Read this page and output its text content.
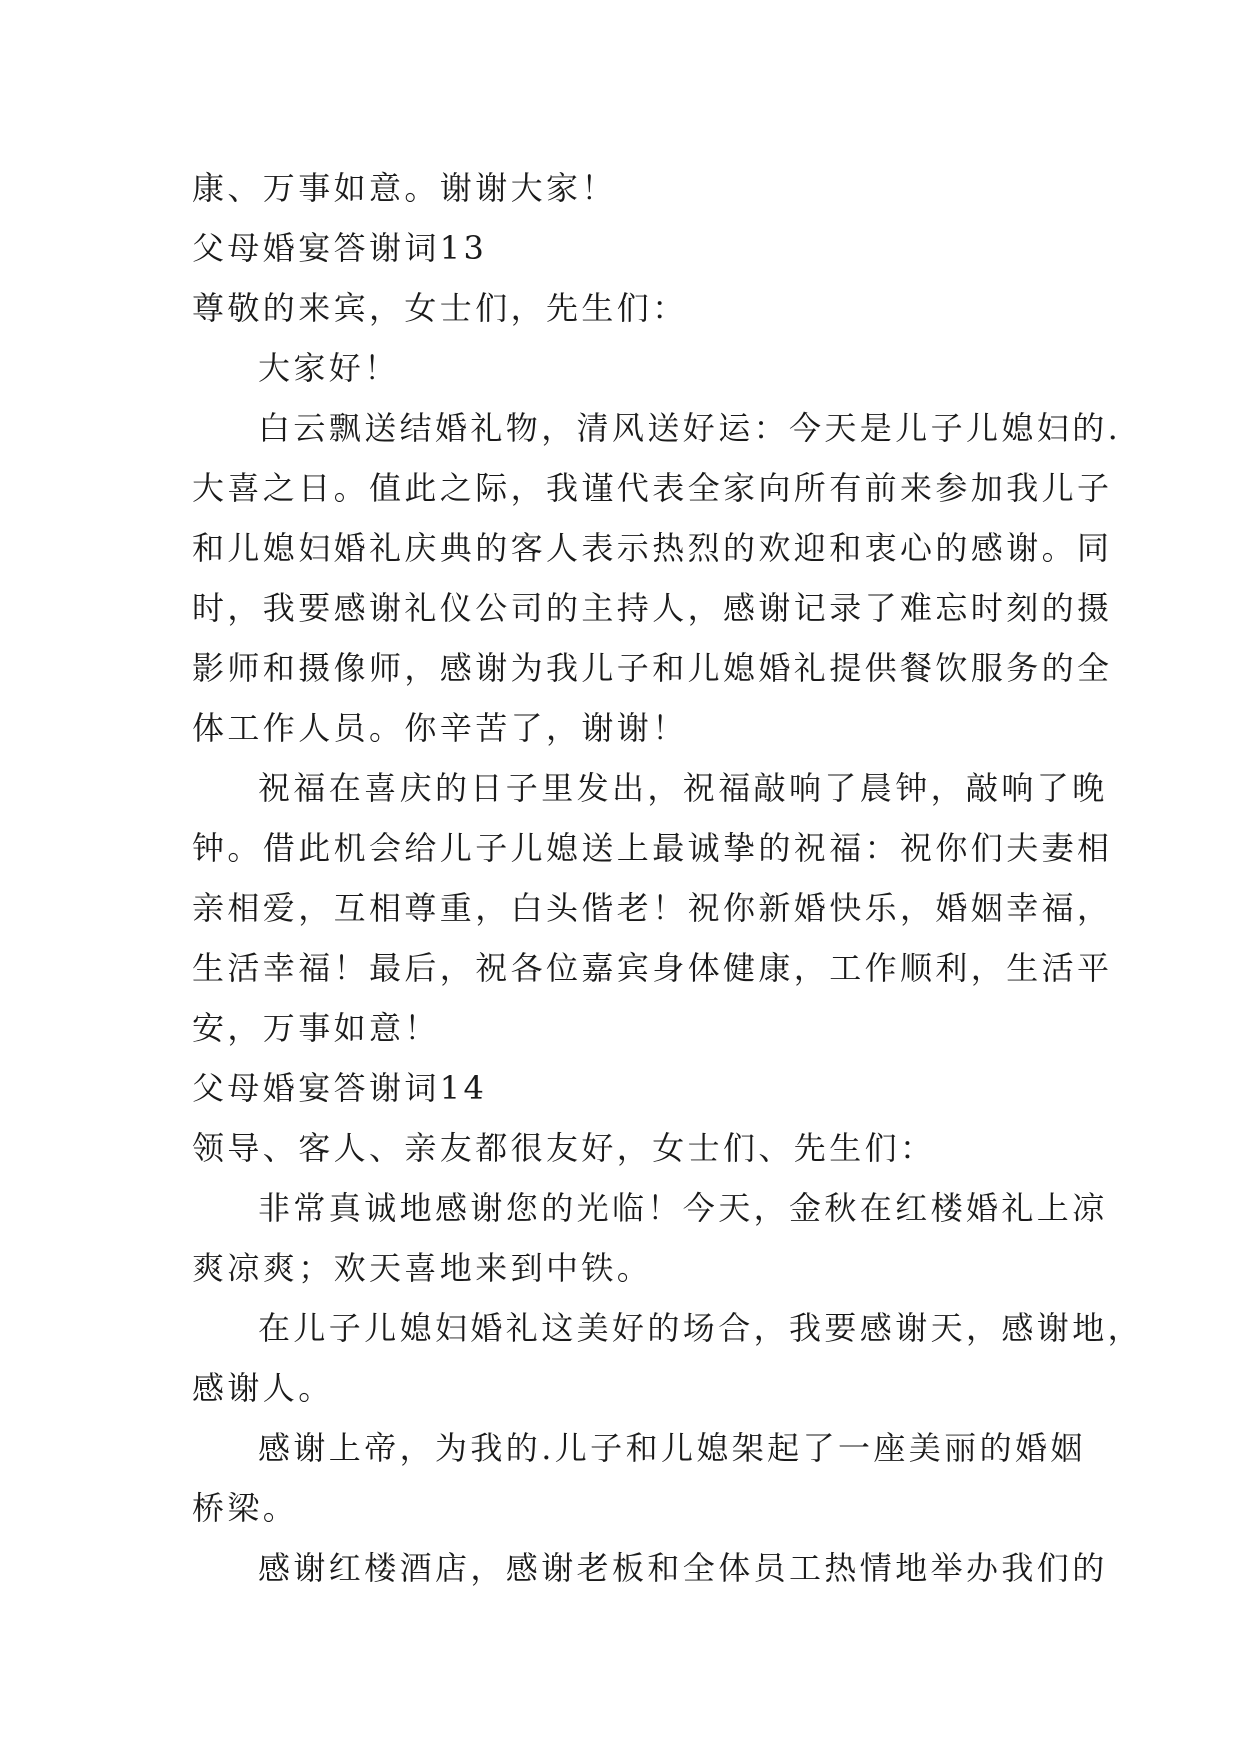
康、万事如意。谢谢大家！
父母婚宴答谢词13
尊敬的来宾，女士们，先生们：
大家好！
白云飘送结婚礼物，清风送好运：今天是儿子儿媳妇的.
大喜之日。值此之际，我谨代表全家向所有前来参加我儿子
和儿媳妇婚礼庆典的客人表示热烈的欢迎和衷心的感谢。同
时，我要感谢礼仪公司的主持人，感谢记录了难忘时刻的摄
影师和摄像师，感谢为我儿子和儿媳婚礼提供餐饮服务的全
体工作人员。你辛苦了，谢谢！
祝福在喜庆的日子里发出，祝福敲响了晨钟，敲响了晚
钟。借此机会给儿子儿媳送上最诚挚的祝福：祝你们夫妻相
亲相爱，互相尊重，白头偕老！祝你新婚快乐，婚姻幸福，
生活幸福！最后，祝各位嘉宾身体健康，工作顺利，生活平
安，万事如意！
父母婚宴答谢词14
领导、客人、亲友都很友好，女士们、先生们：
非常真诚地感谢您的光临！今天，金秋在红楼婚礼上凉
爽凉爽；欢天喜地来到中铁。
在儿子儿媳妇婚礼这美好的场合，我要感谢天，感谢地，
感谢人。
感谢上帝，为我的.儿子和儿媳架起了一座美丽的婚姻
桥梁。
感谢红楼酒店，感谢老板和全体员工热情地举办我们的
